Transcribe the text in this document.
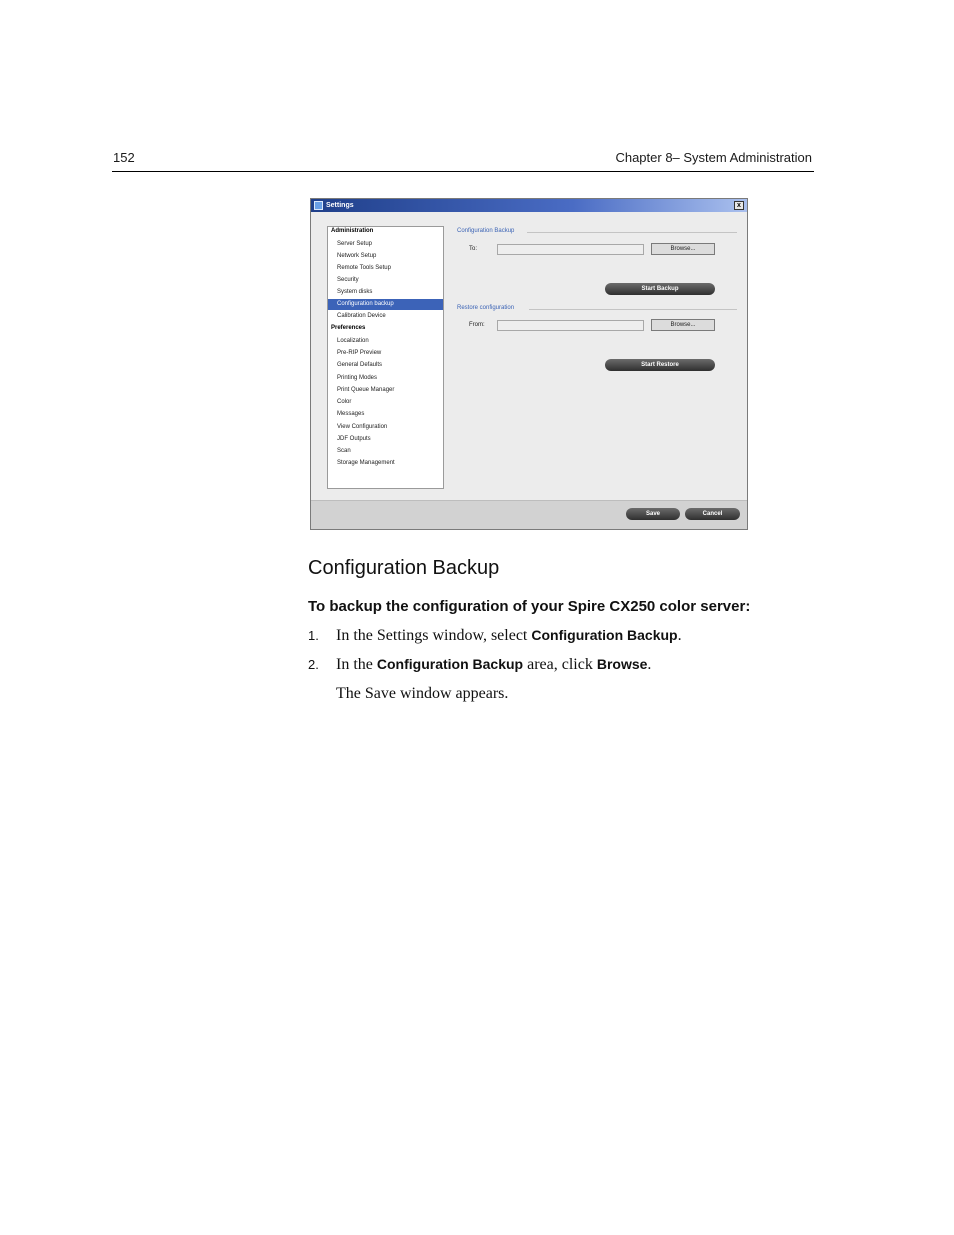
152	Chapter 8– System Administration
Settings	x
Administration
Server Setup
Network Setup
Remote Tools Setup
Security
System disks
Configuration backup
Calibration Device
Preferences
Localization
Pre-RIP Preview
General Defaults
Printing Modes
Print Queue Manager
Color
Messages
View Configuration
JDF Outputs
Scan
Storage Management
Configuration Backup
To:	Browse...
Start Backup
Restore configuration
From:	Browse...
Start Restore
Save	Cancel
Configuration Backup
To backup the configuration of your Spire CX250 color server:
1. In the Settings window, select Configuration Backup.
2. In the Configuration Backup area, click Browse.
The Save window appears.
